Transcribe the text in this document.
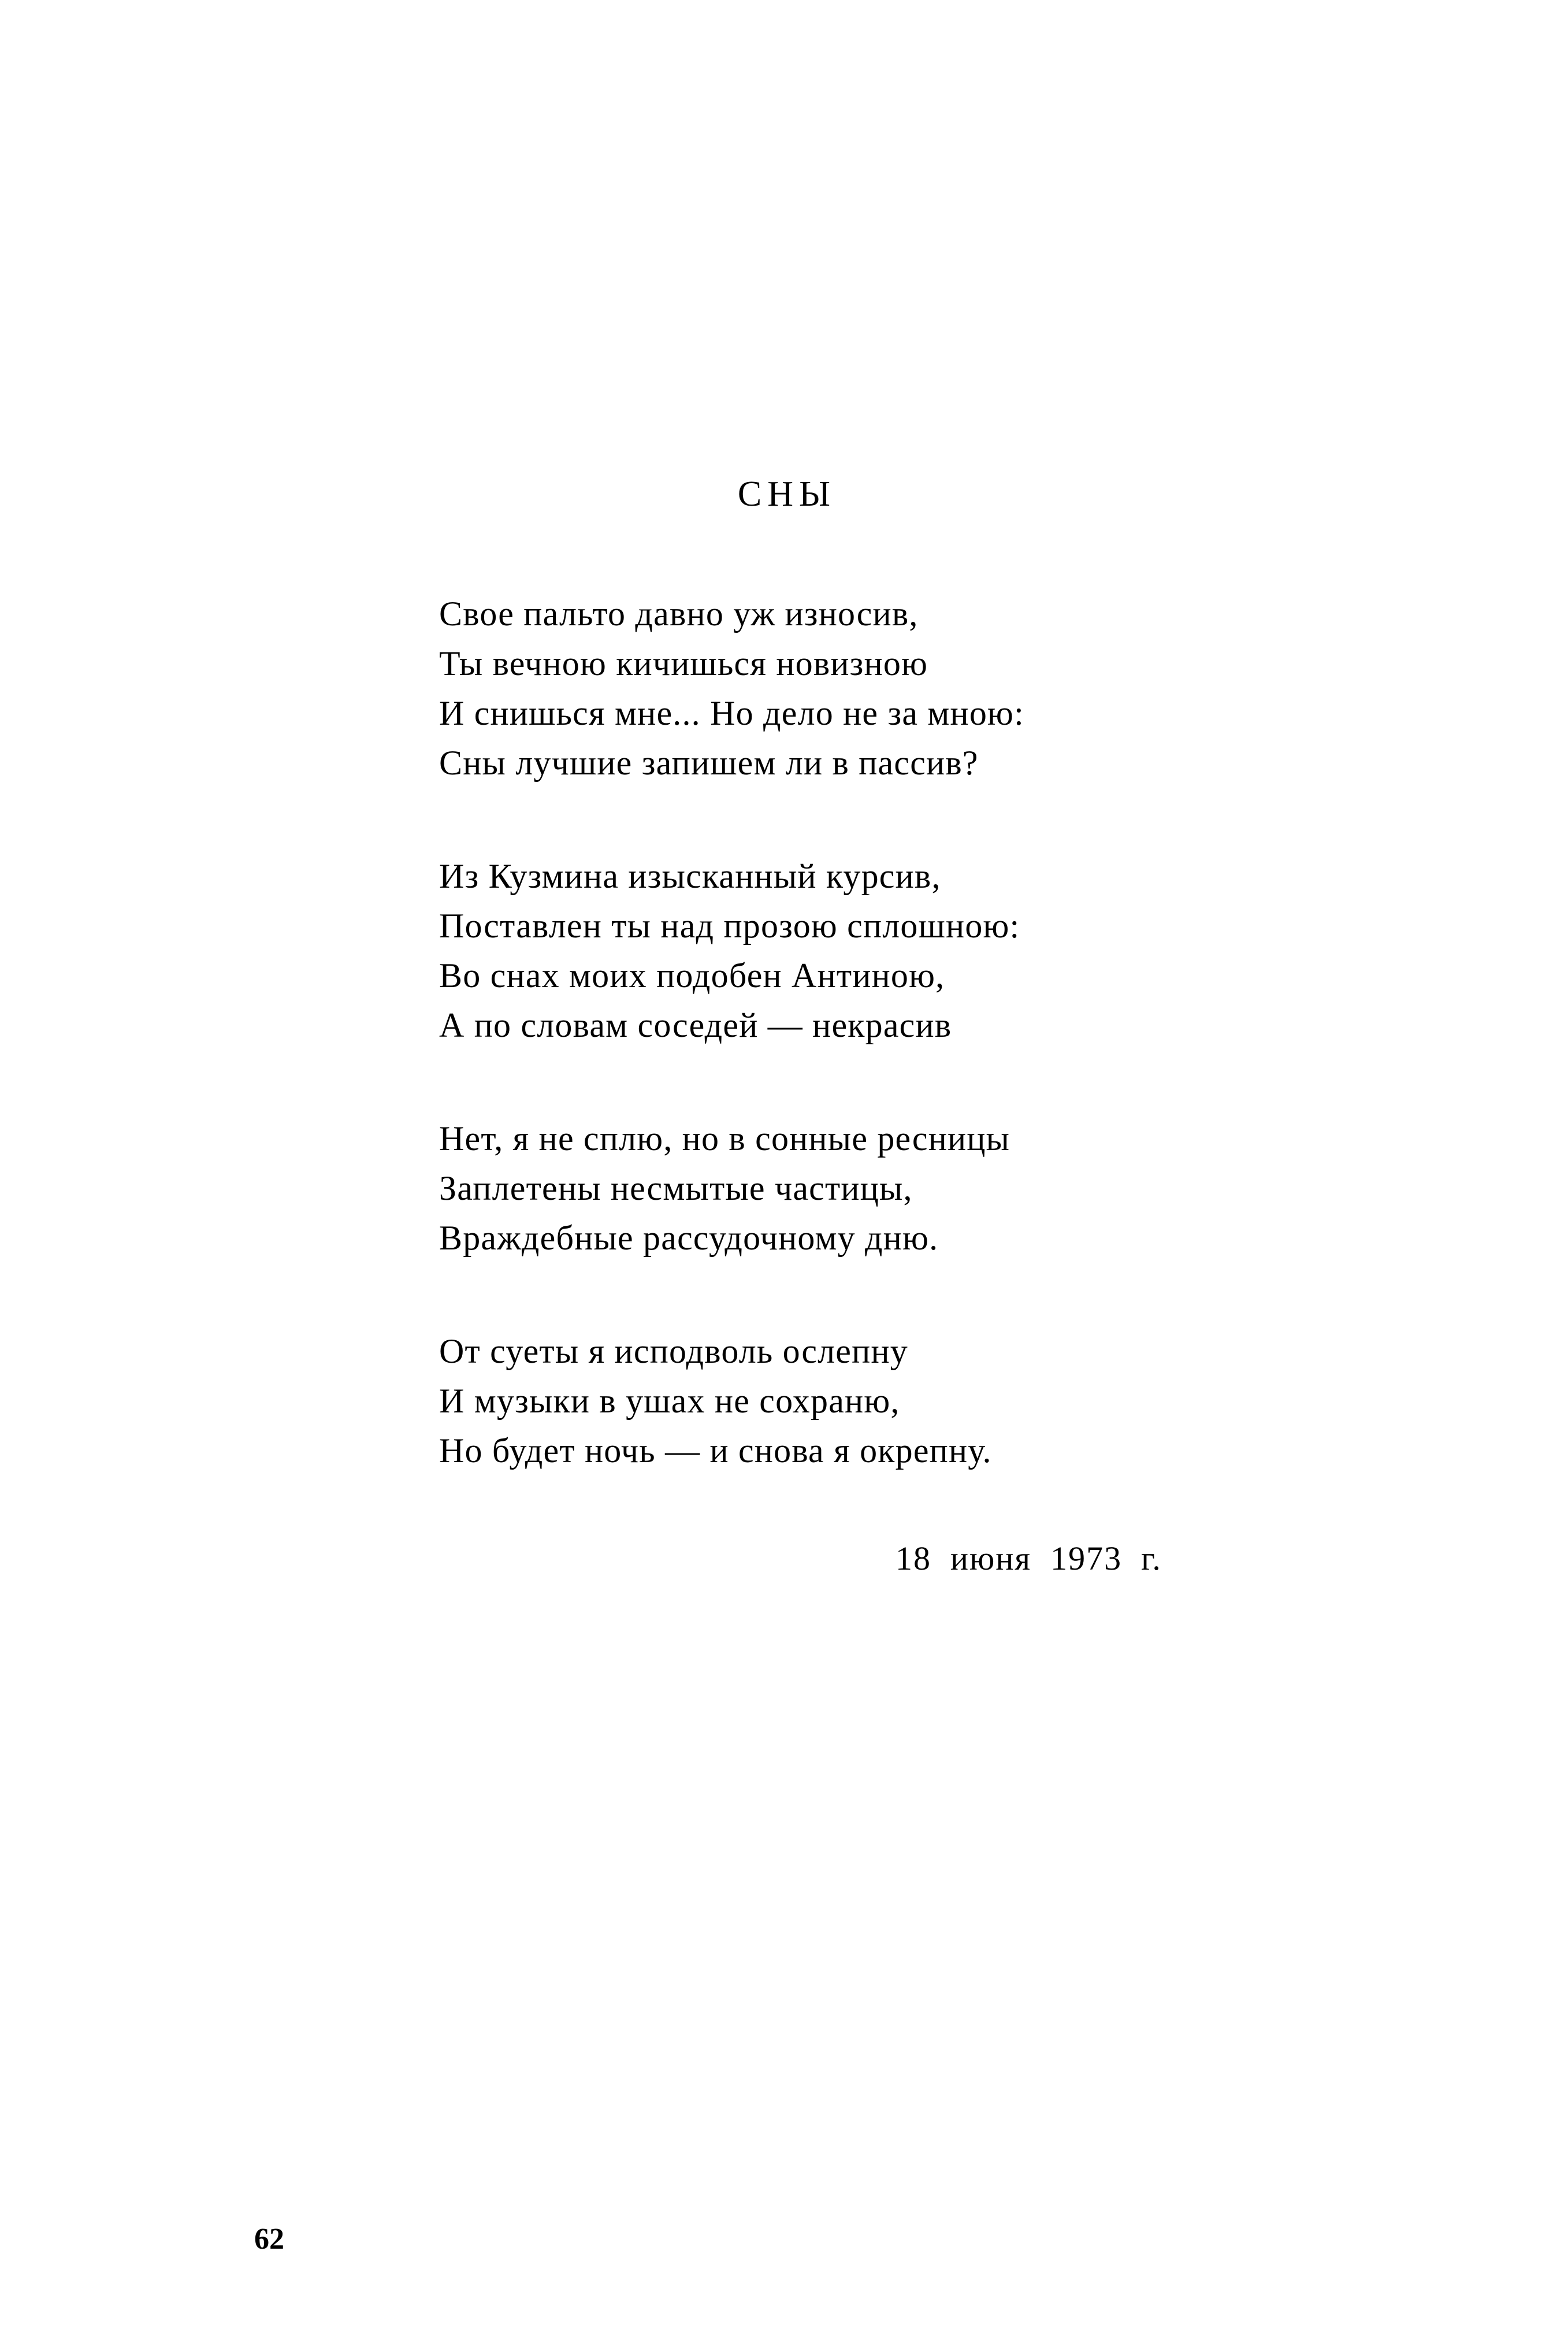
СНЫ
Свое пальто давно уж износив,
Ты вечною кичишься новизною
И снишься мне... Но дело не за мною:
Сны лучшие запишем ли в пассив?
Из Кузмина изысканный курсив,
Поставлен ты над прозою сплошною:
Во снах моих подобен Антиною,
А по словам соседей — некрасив
Нет, я не сплю, но в сонные ресницы
Заплетены несмытые частицы,
Враждебные рассудочному дню.
От суеты я исподволь ослепну
И музыки в ушах не сохраню,
Но будет ночь — и снова я окрепну.
18  июня  1973  г.
62
